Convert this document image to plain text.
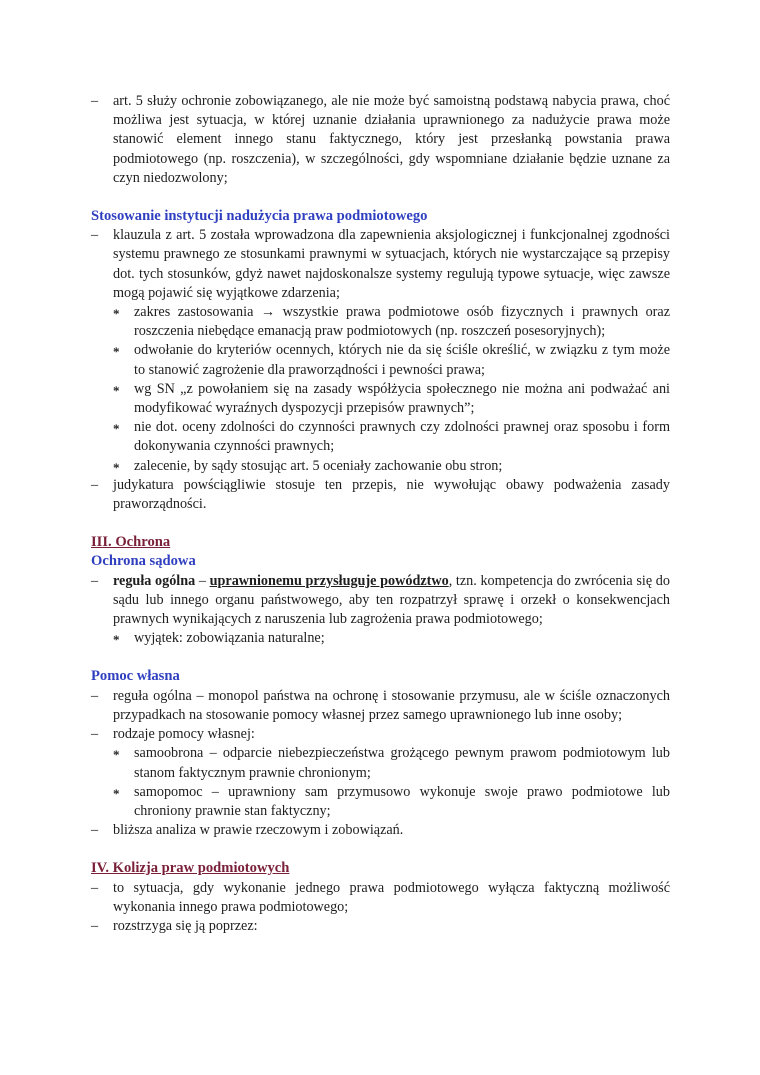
–	art. 5 służy ochronie zobowiązanego, ale nie może być samoistną podstawą nabycia prawa, choć możliwa jest sytuacja, w której uznanie działania uprawnionego za nadużycie prawa może stanowić element innego stanu faktycznego, który jest przesłanką powstania prawa podmiotowego (np. roszczenia), w szczególności, gdy wspomniane działanie będzie uznane za czyn niedozwolony;

Stosowanie instytucji nadużycia prawa podmiotowego

–	klauzula z art. 5 została wprowadzona dla zapewnienia aksjologicznej i funkcjonalnej zgodności systemu prawnego ze stosunkami prawnymi w sytuacjach, których nie wystarczające są przepisy dot. tych stosunków, gdyż nawet najdoskonalsze systemy regulują typowe sytuacje, więc zawsze mogą pojawić się wyjątkowe zdarzenia;

* zakres zastosowania → wszystkie prawa podmiotowe osób fizycznych i prawnych oraz roszczenia niebędące emanacją praw podmiotowych (np. roszczeń posesoryjnych);

* odwołanie do kryteriów ocennych, których nie da się ściśle określić, w związku z tym może to stanowić zagrożenie dla praworządności i pewności prawa;

* wg SN „z powołaniem się na zasady współżycia społecznego nie można ani podważać ani modyfikować wyraźnych dyspozycji przepisów prawnych”;

* nie dot. oceny zdolności do czynności prawnych czy zdolności prawnej oraz sposobu i form dokonywania czynności prawnych;

* zalecenie, by sądy stosując art. 5 oceniały zachowanie obu stron;

–	judykatura powściągliwie stosuje ten przepis, nie wywołując obawy podważenia zasady praworządności.

III. Ochrona

Ochrona sądowa

–	reguła ogólna – uprawnionemu przysługuje powództwo, tzn. kompetencja do zwrócenia się do sądu lub innego organu państwowego, aby ten rozpatrzył sprawę i orzekł o konsekwencjach prawnych wynikających z naruszenia lub zagrożenia prawa podmiotowego;

* wyjątek: zobowiązania naturalne;

Pomoc własna

–	reguła ogólna – monopol państwa na ochronę i stosowanie przymusu, ale w ściśle oznaczonych przypadkach na stosowanie pomocy własnej przez samego uprawnionego lub inne osoby;

–	rodzaje pomocy własnej:

* samoobrona – odparcie niebezpieczeństwa grożącego pewnym prawom podmiotowym lub stanom faktycznym prawnie chronionym;

* samopomoc – uprawniony sam przymusowo wykonuje swoje prawo podmiotowe lub chroniony prawnie stan faktyczny;

–	bliższa analiza w prawie rzeczowym i zobowiązań.

IV. Kolizja praw podmiotowych

–	to sytuacja, gdy wykonanie jednego prawa podmiotowego wyłącza faktyczną możliwość wykonania innego prawa podmiotowego;

–	rozstrzyga się ją poprzez:
